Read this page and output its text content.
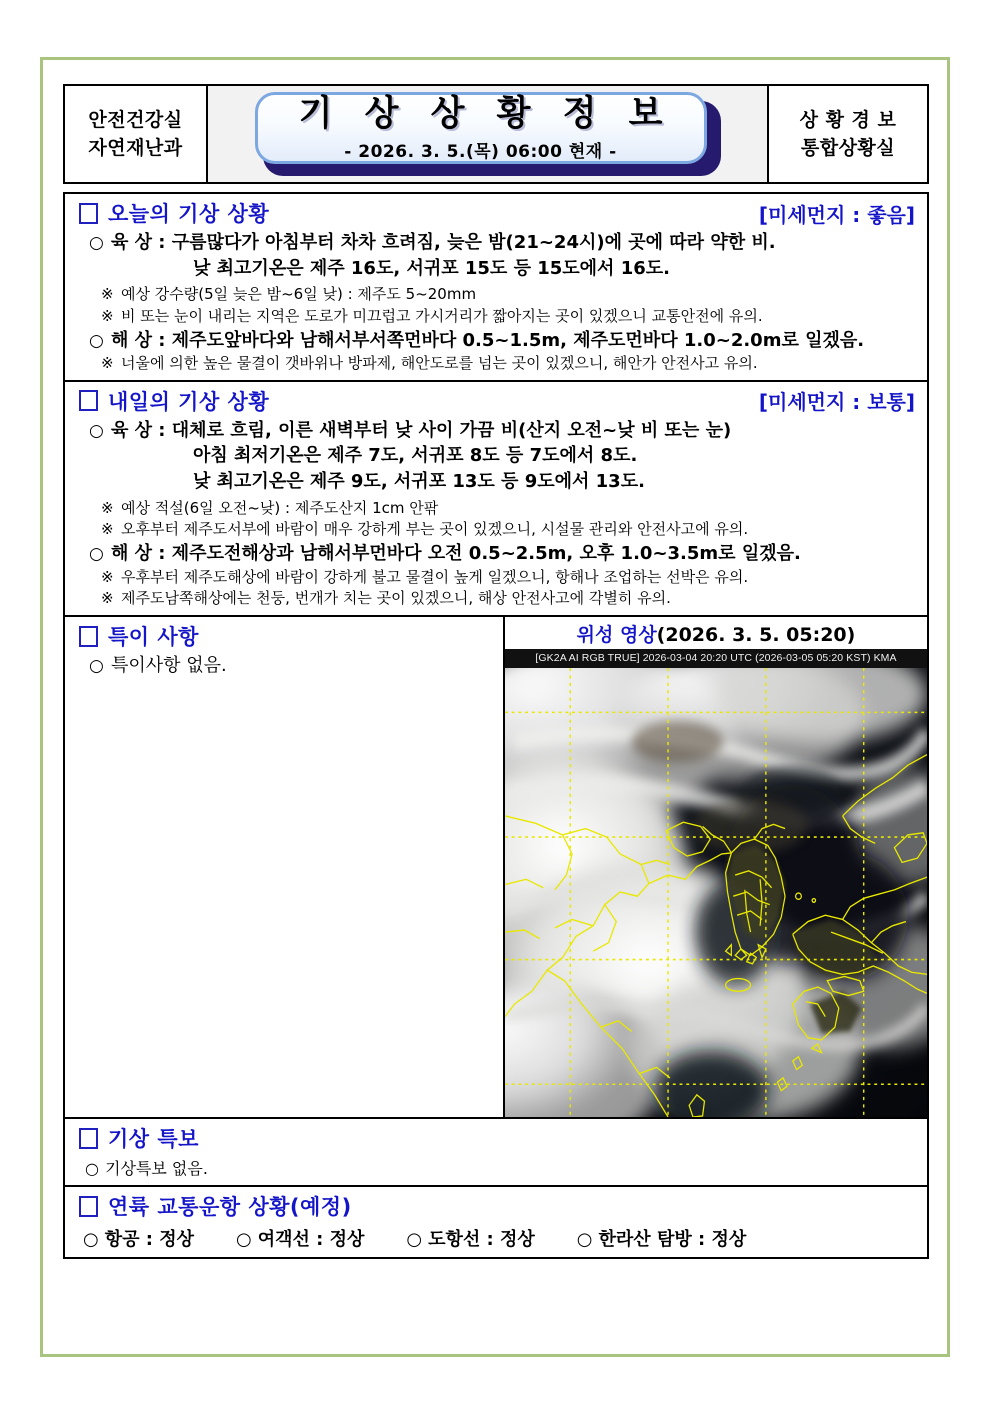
안전건강실
자연재난과
기 상 상 황 정 보
- 2026. 3. 5.(목) 06:00 현재 -
상 황 경 보
통합상황실
오늘의 기상 상황	[미세먼지 : 좋음]
○ 육 상 : 구름많다가 아침부터 차차 흐려짐, 늦은 밤(21~24시)에 곳에 따라 약한 비.
낮 최고기온은 제주 16도, 서귀포 15도 등 15도에서 16도.
※ 예상 강수량(5일 늦은 밤~6일 낮) : 제주도 5~20mm
※ 비 또는 눈이 내리는 지역은 도로가 미끄럽고 가시거리가 짧아지는 곳이 있겠으니 교통안전에 유의.
○ 해 상 : 제주도앞바다와 남해서부서쪽먼바다 0.5~1.5m, 제주도먼바다 1.0~2.0m로 일겠음.
※ 너울에 의한 높은 물결이 갯바위나 방파제, 해안도로를 넘는 곳이 있겠으니, 해안가 안전사고 유의.
내일의 기상 상황	[미세먼지 : 보통]
○ 육 상 : 대체로 흐림, 이른 새벽부터 낮 사이 가끔 비(산지 오전~낮 비 또는 눈)
아침 최저기온은 제주 7도, 서귀포 8도 등 7도에서 8도.
낮 최고기온은 제주 9도, 서귀포 13도 등 9도에서 13도.
※ 예상 적설(6일 오전~낮) : 제주도산지 1cm 안팎
※ 오후부터 제주도서부에 바람이 매우 강하게 부는 곳이 있겠으니, 시설물 관리와 안전사고에 유의.
○ 해 상 : 제주도전해상과 남해서부먼바다 오전 0.5~2.5m, 오후 1.0~3.5m로 일겠음.
※ 우후부터 제주도해상에 바람이 강하게 불고 물결이 높게 일겠으니, 항해나 조업하는 선박은 유의.
※ 제주도남쪽해상에는 천둥, 번개가 치는 곳이 있겠으니, 해상 안전사고에 각별히 유의.
특이 사항
○ 특이사항 없음.
위성 영상(2026. 3. 5. 05:20)
[GK2A AI RGB TRUE] 2026-03-04 20:20 UTC (2026-03-05 05:20 KST) KMA
기상 특보
○ 기상특보 없음.
연륙 교통운항 상황(예정)
○ 항공 : 정상 ○ 여객선 : 정상 ○ 도항선 : 정상 ○ 한라산 탐방 : 정상
